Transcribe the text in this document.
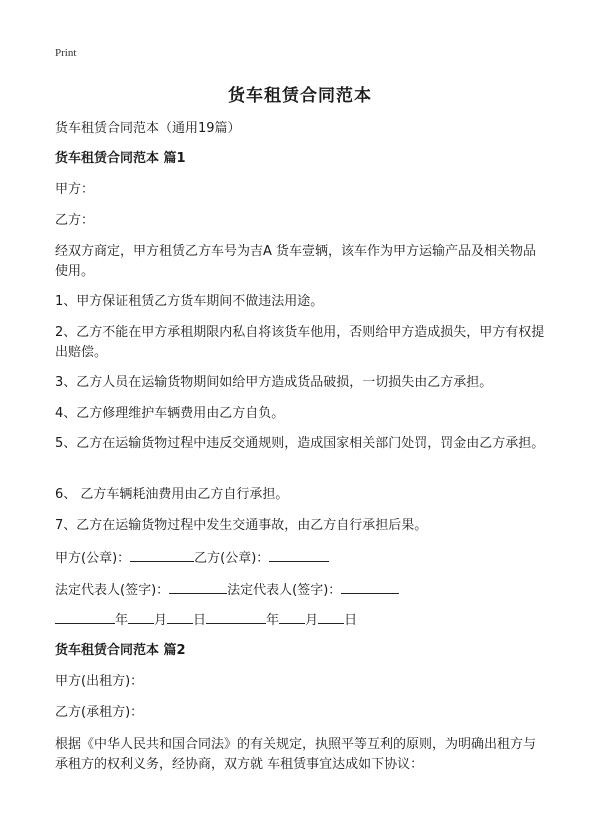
Print
货车租赁合同范本
货车租赁合同范本（通用19篇）
货车租赁合同范本 篇1
甲方：
乙方：
经双方商定，甲方租赁乙方车号为吉A 货车壹辆，该车作为甲方运输产品及相关物品使用。
1、甲方保证租赁乙方货车期间不做违法用途。
2、乙方不能在甲方承租期限内私自将该货车他用，否则给甲方造成损失，甲方有权提出赔偿。
3、乙方人员在运输货物期间如给甲方造成货品破损，一切损失由乙方承担。
4、乙方修理维护车辆费用由乙方自负。
5、乙方在运输货物过程中违反交通规则，造成国家相关部门处罚，罚金由乙方承担。
6、 乙方车辆耗油费用由乙方自行承担。
7、乙方在运输货物过程中发生交通事故，由乙方自行承担后果。
甲方(公章)：	乙方(公章)：
法定代表人(签字)：	法定代表人(签字)：
年 月 日	年 月 日
货车租赁合同范本 篇2
甲方(出租方)：
乙方(承租方)：
根据《中华人民共和国合同法》的有关规定，执照平等互利的原则，为明确出租方与承租方的权利义务，经协商，双方就 车租赁事宜达成如下协议：
